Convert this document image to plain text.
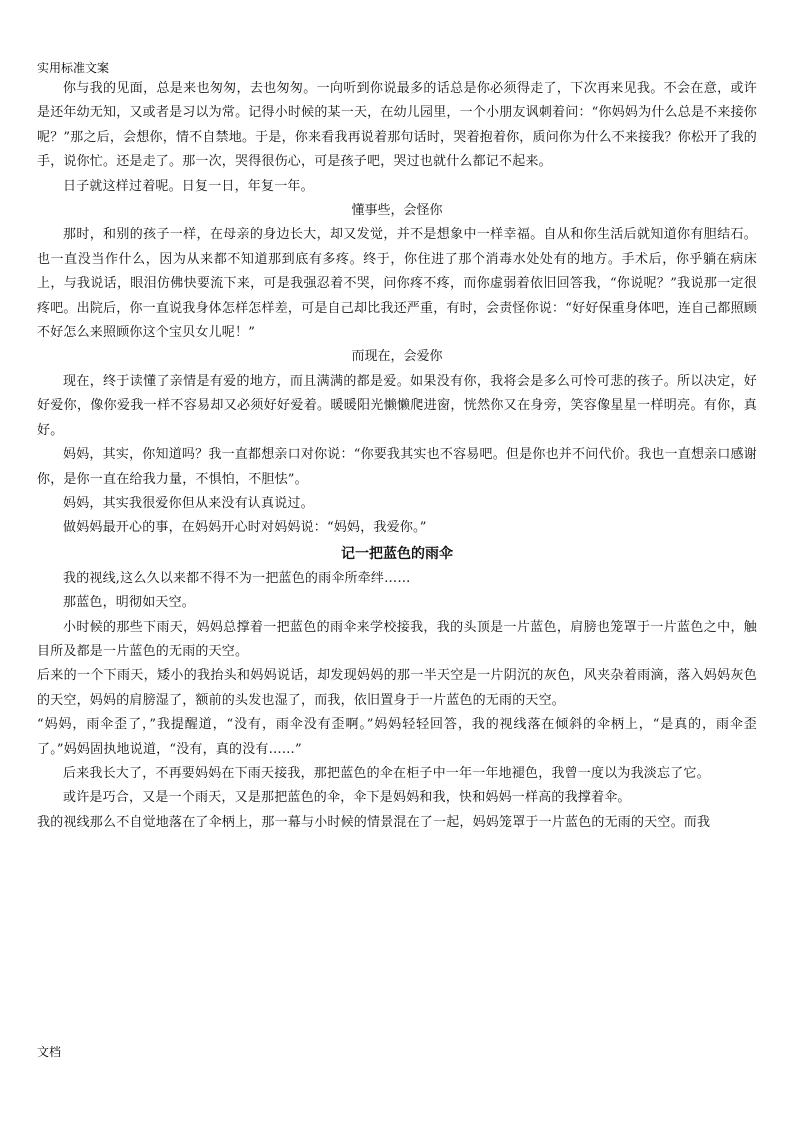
实用标准文案

你与我的见面，总是来也匆匆，去也匆匆。一向听到你说最多的话总是你必须得走了，下次再来见我。不会在意，或许是还年幼无知，又或者是习以为常。记得小时候的某一天，在幼儿园里，一个小朋友讽刺着问：“你妈妈为什么总是不来接你呢？”那之后，会想你，情不自禁地。于是，你来看我再说着那句话时，哭着抱着你，质问你为什么不来接我？你松开了我的手，说你忙。还是走了。那一次，哭得很伤心，可是孩子吧，哭过也就什么都记不起来。

日子就这样过着呢。日复一日，年复一年。

懂事些，会怪你

那时，和别的孩子一样，在母亲的身边长大，却又发觉，并不是想象中一样幸福。自从和你生活后就知道你有胆结石。也一直没当作什么，因为从来都不知道那到底有多疼。终于，你住进了那个消毒水处处有的地方。手术后，你乎躺在病床上，与我说话，眼泪仿佛快要流下来，可是我强忍着不哭，问你疼不疼，而你虚弱着依旧回答我，“你说呢？”我说那一定很疼吧。出院后，你一直说我身体怎样怎样差，可是自己却比我还严重，有时，会责怪你说：“好好保重身体吧，连自己都照顾不好怎么来照顾你这个宝贝女儿呢！”

而现在，会爱你

现在，终于读懂了亲情是有爱的地方，而且满满的都是爱。如果没有你，我将会是多么可怜可悲的孩子。所以决定，好好爱你，像你爱我一样不容易却又必须好好爱着。暖暖阳光懒懒爬进窗，恍然你又在身旁，笑容像星星一样明亮。有你，真好。

妈妈，其实，你知道吗？我一直都想亲口对你说：“你要我其实也不容易吧。但是你也并不问代价。我也一直想亲口感谢你，是你一直在给我力量，不惧怕，不胆怯”。

妈妈，其实我很爱你但从来没有认真说过。

做妈妈最开心的事，在妈妈开心时对妈妈说：“妈妈，我爱你。”

记一把蓝色的雨伞

我的视线,这么久以来都不得不为一把蓝色的雨伞所牵绊……

那蓝色，明彻如天空。

小时候的那些下雨天，妈妈总撑着一把蓝色的雨伞来学校接我，我的头顶是一片蓝色，肩膀也笼罩于一片蓝色之中，触目所及都是一片蓝色的无雨的天空。

后来的一个下雨天，矮小的我抬头和妈妈说话，却发现妈妈的那一半天空是一片阴沉的灰色，风夹杂着雨滴，落入妈妈灰色的天空，妈妈的肩膀湿了，额前的头发也湿了，而我，依旧置身于一片蓝色的无雨的天空。

“妈妈，雨伞歪了，”我提醒道，“没有，雨伞没有歪啊。”妈妈轻轻回答，我的视线落在倾斜的伞柄上，“是真的，雨伞歪了。”妈妈固执地说道，“没有，真的没有……”

后来我长大了，不再要妈妈在下雨天接我，那把蓝色的伞在柜子中一年一年地褪色，我曾一度以为我淡忘了它。

或许是巧合，又是一个雨天，又是那把蓝色的伞，伞下是妈妈和我，快和妈妈一样高的我撑着伞。

我的视线那么不自觉地落在了伞柄上，那一幕与小时候的情景混在了一起，妈妈笼罩于一片蓝色的无雨的天空。而我

文档
